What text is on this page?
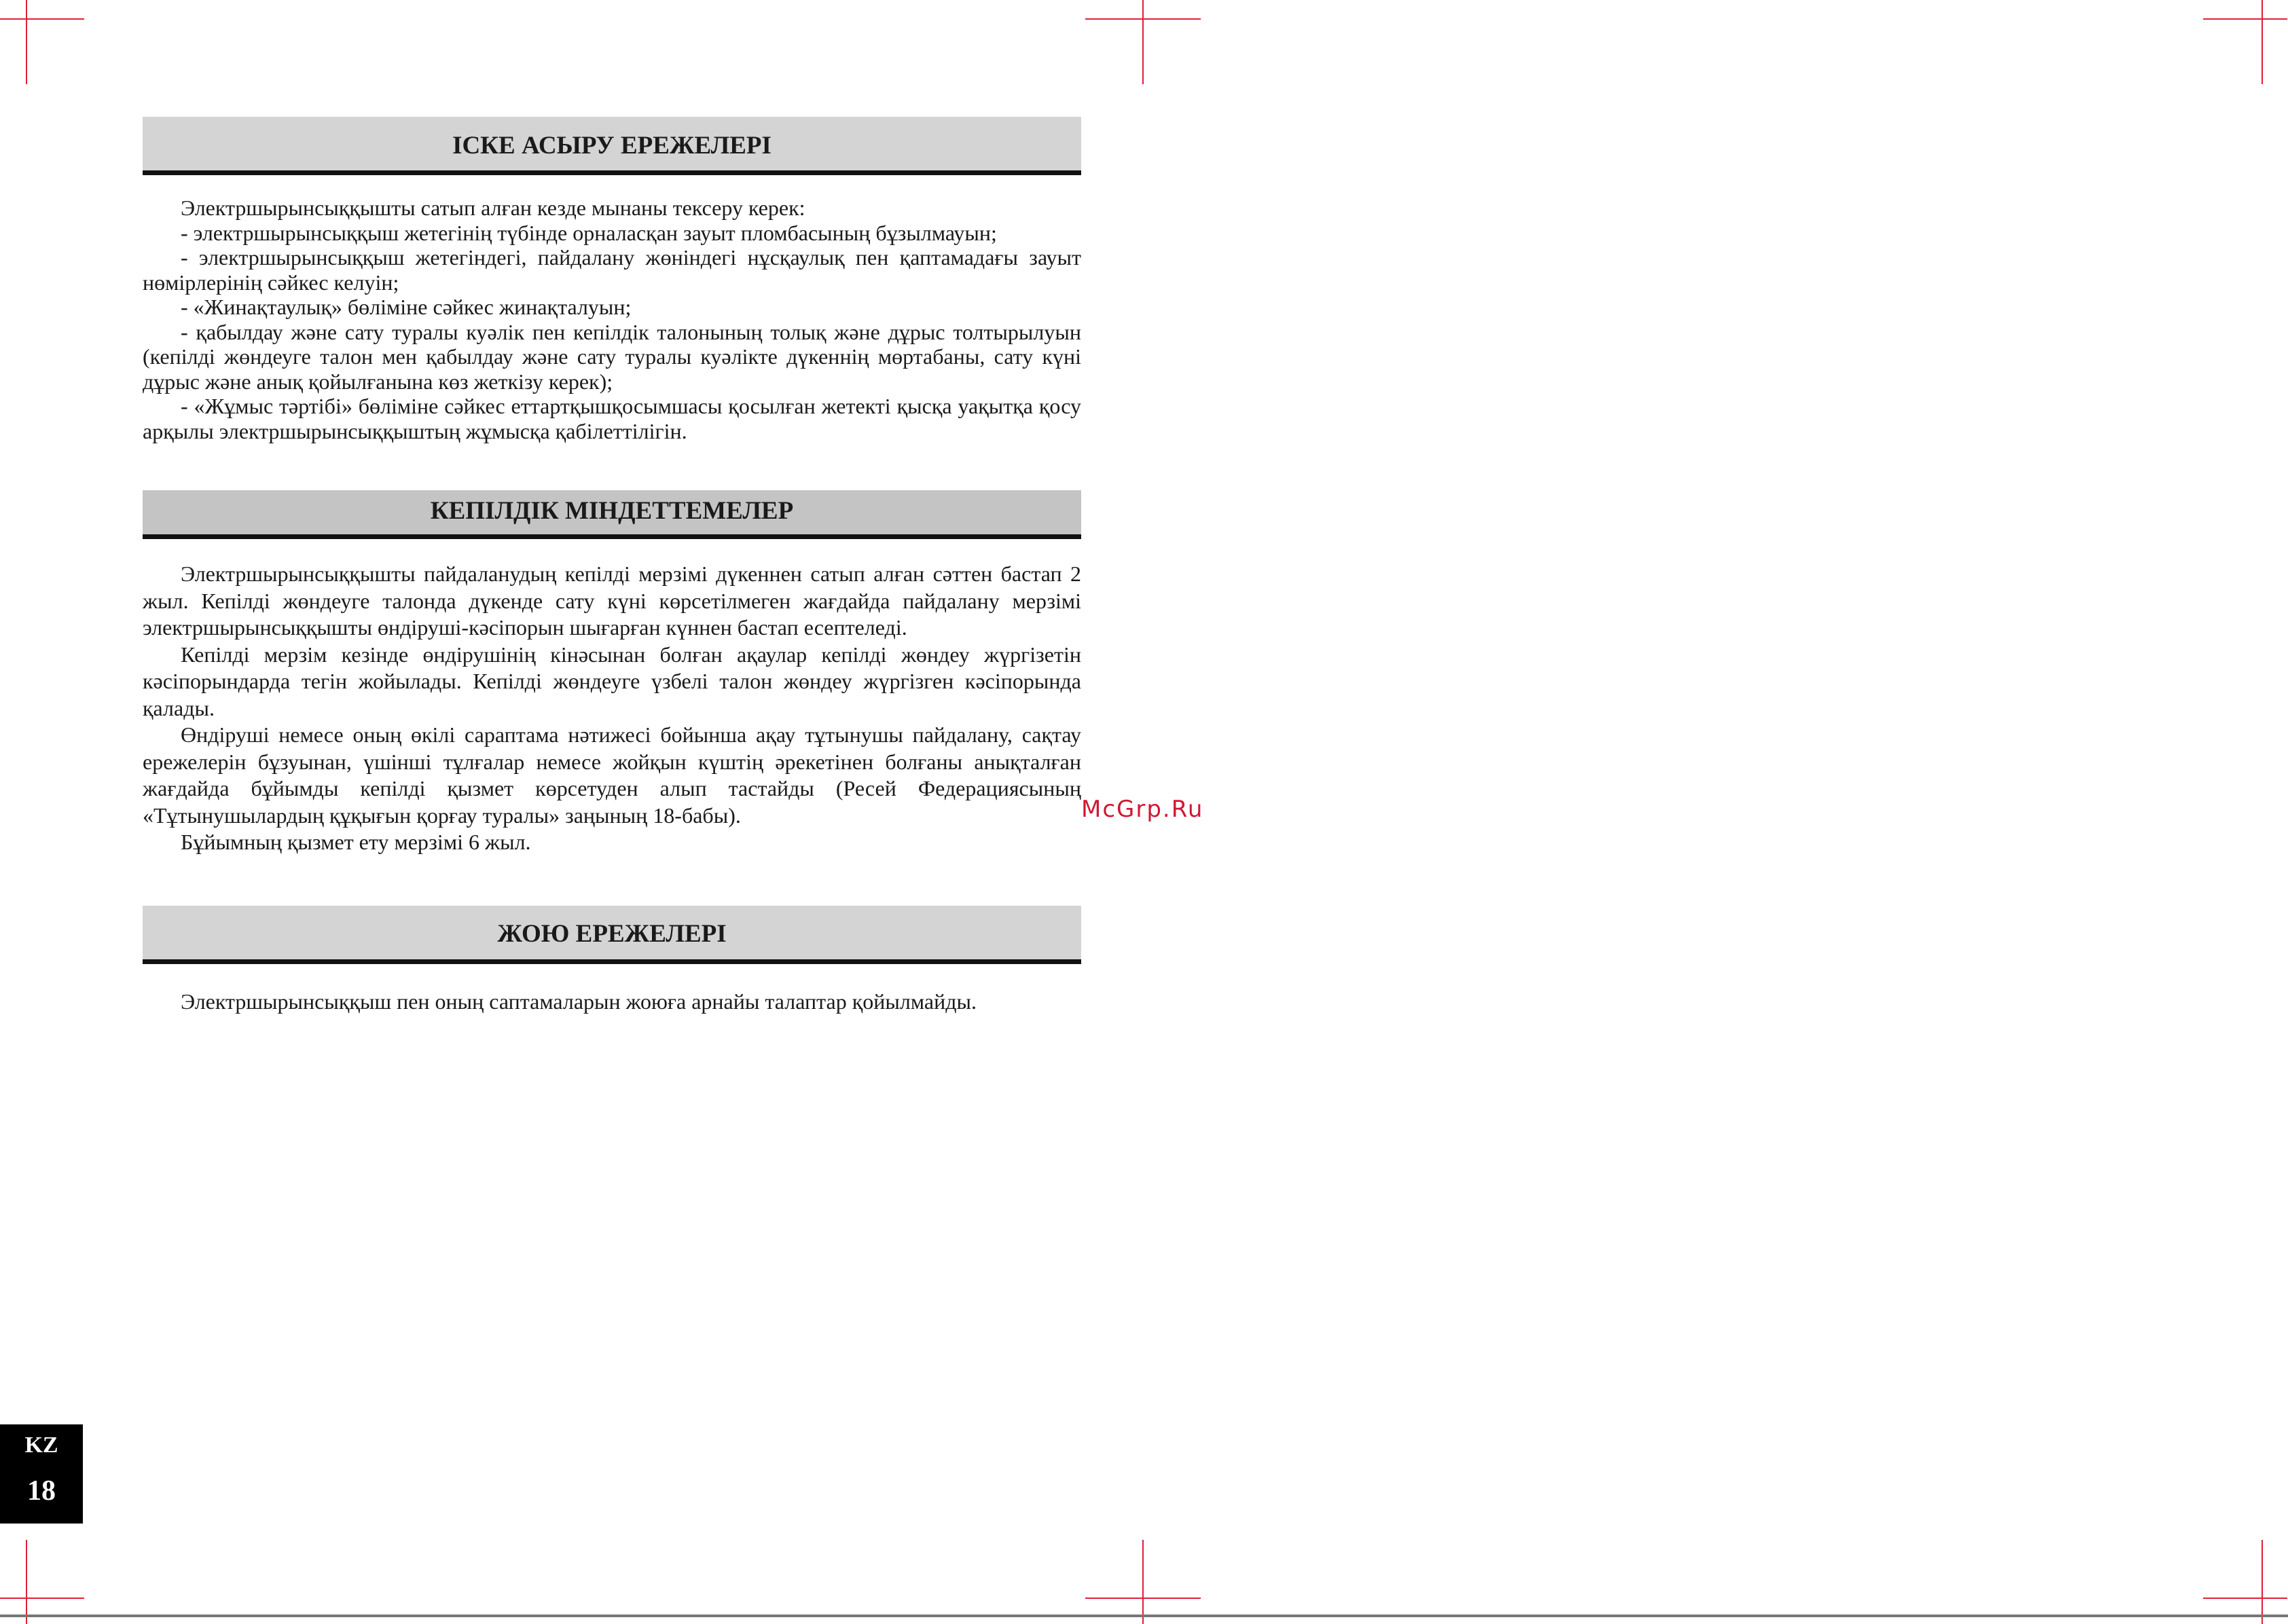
ІСКЕ АСЫРУ ЕРЕЖЕЛЕРІ

Электршырынсыққышты сатып алған кезде мынаны тексеру керек:

- электршырынсыққыш жетегінің түбінде орналасқан зауыт пломбасының бұзылмауын;

- электршырынсыққыш жетегіндегі, пайдалану жөніндегі нұсқаулық пен қаптамадағы зауыт нөмірлерінің сәйкес келуін;

- «Жинақтаулық» бөліміне сәйкес жинақталуын;

- қабылдау және сату туралы куәлік пен кепілдік талонының толық және дұрыс толтырылуын (кепілді жөндеуге талон мен қабылдау және сату туралы куәлікте дүкеннің мөртабаны, сату күні дұрыс және анық қойылғанына көз жеткізу керек);

- «Жұмыс тәртібі» бөліміне сәйкес еттартқышқосымшасы қосылған жетекті қысқа уақытқа қосу арқылы электршырынсыққыштың жұмысқа қабілеттілігін.

КЕПІЛДІК МІНДЕТТЕМЕЛЕР

Электршырынсыққышты пайдаланудың кепілді мерзімі дүкеннен сатып алған сәттен бастап 2 жыл. Кепілді жөндеуге талонда дүкенде сату күні көрсетілмеген жағдайда пайдалану мерзімі электршырынсыққышты өндіруші-кәсіпорын шығарған күннен бастап есептеледі.

Кепілді мерзім кезінде өндірушінің кінәсынан болған ақаулар кепілді жөндеу жүргізетін кәсіпорындарда тегін жойылады. Кепілді жөндеуге үзбелі талон жөндеу жүргізген кәсіпорында қалады.

Өндіруші немесе оның өкілі сараптама нәтижесі бойынша ақау тұтынушы пайдалану, сақтау ережелерін бұзуынан, үшінші тұлғалар немесе жойқын күштің әрекетінен болғаны анықталған жағдайда бұйымды кепілді қызмет көрсетуден алып тастайды (Ресей Федерациясының «Тұтынушылардың құқығын қорғау туралы» заңының 18-бабы).

Бұйымның қызмет ету мерзімі 6 жыл.

ЖОЮ ЕРЕЖЕЛЕРІ

Электршырынсыққыш пен оның саптамаларын жоюға арнайы талаптар қойылмайды.

McGrp.Ru
KZ
18
